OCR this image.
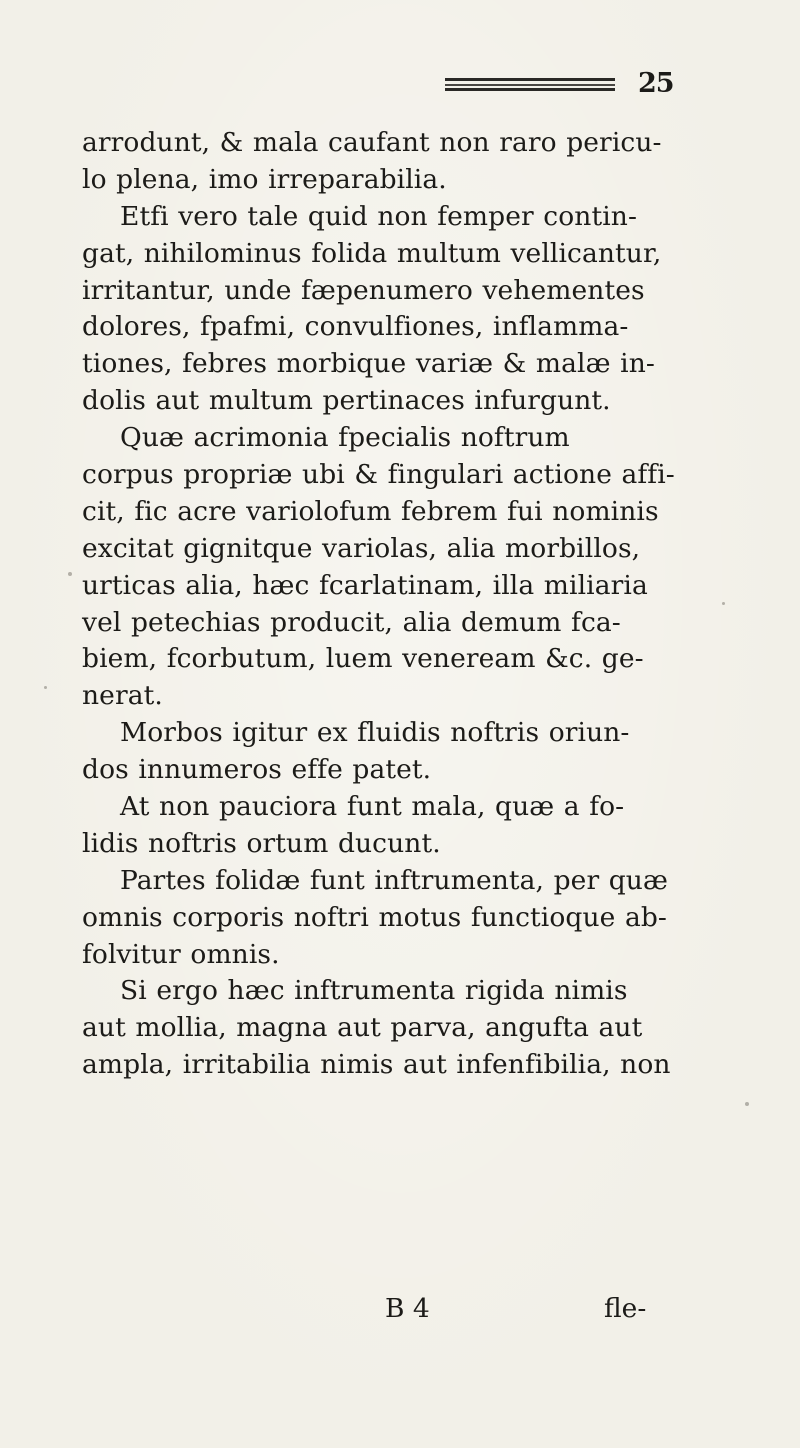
25
arrodunt, & mala caufant non raro pericu-
lo plena, imo irreparabilia.
Etfi vero tale quid non femper contin-
gat, nihilominus folida multum vellicantur,
irritantur, unde fæpenumero vehementes
dolores, fpafmi, convulfiones, inflamma-
tiones, febres morbique variæ & malæ in-
dolis aut multum pertinaces infurgunt.
Quæ acrimonia fpecialis noftrum
corpus propriæ ubi & fingulari actione affi-
cit, fic acre variolofum febrem fui nominis
excitat gignitque variolas, alia morbillos,
urticas alia, hæc fcarlatinam, illa miliaria
vel petechias producit, alia demum fca-
biem, fcorbutum, luem veneream &c. ge-
nerat.
Morbos igitur ex fluidis noftris oriun-
dos innumeros effe patet.
At non pauciora funt mala, quæ a fo-
lidis noftris ortum ducunt.
Partes folidæ funt inftrumenta, per quæ
omnis corporis noftri motus functioque ab-
folvitur omnis.
Si ergo hæc inftrumenta rigida nimis
aut mollia, magna aut parva, angufta aut
ampla, irritabilia nimis aut infenfibilia, non
B 4	fle-
